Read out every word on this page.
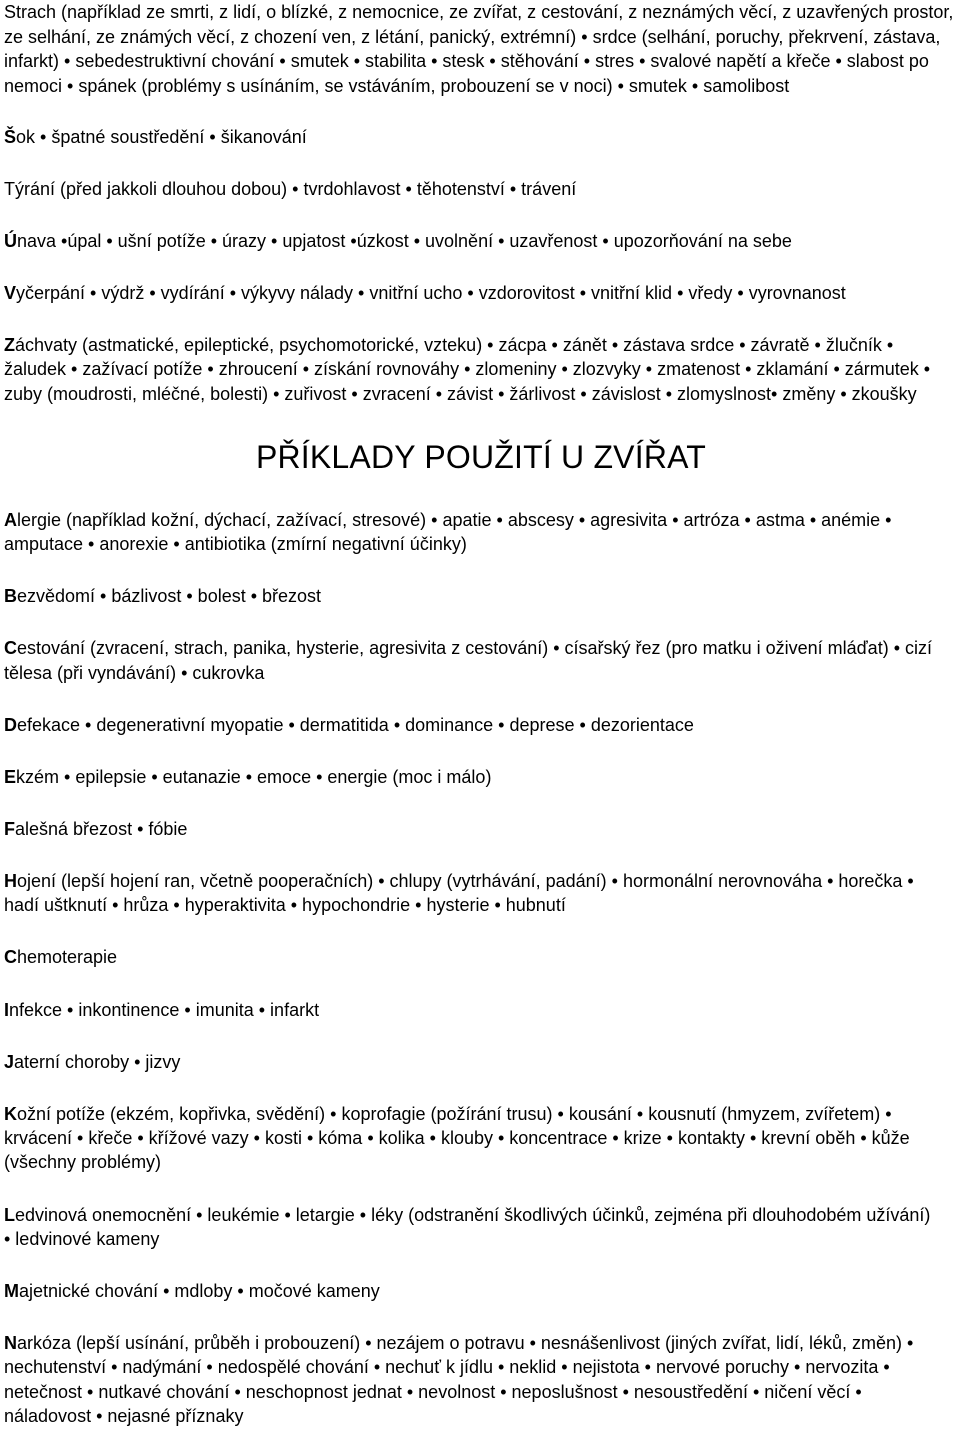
Strach (například ze smrti, z lidí, o blízké, z nemocnice, ze zvířat, z cestování, z neznámých věcí, z uzavřených prostor,
ze selhání, ze známých věcí, z chození ven, z létání, panický, extrémní) • srdce (selhání, poruchy, překrvení, zástava,
infarkt) • sebedestruktivní chování • smutek • stabilita • stesk • stěhování • stres • svalové napětí a křeče • slabost po
nemoci • spánek (problémy s usínáním, se vstáváním, probouzení se v noci) • smutek • samolibost
Šok • špatné soustředění • šikanování
Týrání (před jakkoli dlouhou dobou) • tvrdohlavost • těhotenství • trávení
Únava •úpal • ušní potíže • úrazy • upjatost •úzkost • uvolnění • uzavřenost • upozorňování na sebe
Vyčerpání • výdrž • vydírání • výkyvy nálady • vnitřní ucho • vzdorovitost • vnitřní klid • vředy • vyrovnanost
Záchvaty (astmatické, epileptické, psychomotorické, vzteku) • zácpa • zánět • zástava srdce • závratě • žlučník •
žaludek • zažívací potíže • zhroucení • získání rovnováhy • zlomeniny • zlozvyky • zmatenost • zklamání • zármutek •
zuby (moudrosti, mléčné, bolesti) • zuřivost • zvracení • závist • žárlivost • závislost • zlomyslnost• změny • zkoušky
PŘÍKLADY POUŽITÍ U ZVÍŘAT
Alergie (například kožní, dýchací, zažívací, stresové) • apatie • abscesy • agresivita • artróza • astma • anémie •
amputace • anorexie • antibiotika (zmírní negativní účinky)
Bezvědomí • bázlivost • bolest • březost
Cestování (zvracení, strach, panika, hysterie, agresivita z cestování) • císařský řez (pro matku i oživení mláďat) • cizí
tělesa (při vyndávání) • cukrovka
Defekace • degenerativní myopatie • dermatitida • dominance • deprese • dezorientace
Ekzém • epilepsie • eutanazie • emoce • energie (moc i málo)
Falešná březost • fóbie
Hojení (lepší hojení ran, včetně pooperačních) • chlupy (vytrhávání, padání) • hormonální nerovnováha • horečka •
hadí uštknutí • hrůza • hyperaktivita • hypochondrie • hysterie • hubnutí
Chemoterapie
Infekce • inkontinence • imunita • infarkt
Jaterní choroby • jizvy
Kožní potíže (ekzém, kopřivka, svědění) • koprofagie (požírání trusu) • kousání • kousnutí (hmyzem, zvířetem) •
krvácení • křeče • křížové vazy • kosti • kóma • kolika • klouby • koncentrace • krize • kontakty • krevní oběh • kůže
(všechny problémy)
Ledvinová onemocnění • leukémie • letargie • léky (odstranění škodlivých účinků, zejména při dlouhodobém užívání)
• ledvinové kameny
Majetnické chování • mdloby • močové kameny
Narkóza (lepší usínání, průběh i probouzení) • nezájem o potravu • nesnášenlivost (jiných zvířat, lidí, léků, změn) •
nechutenství • nadýmání • nedospělé chování • nechuť k jídlu • neklid • nejistota • nervové poruchy • nervozita •
netečnost • nutkavé chování • neschopnost jednat • nevolnost • neposlušnost • nesoustředění • ničení věcí •
náladovost • nejasné příznaky
